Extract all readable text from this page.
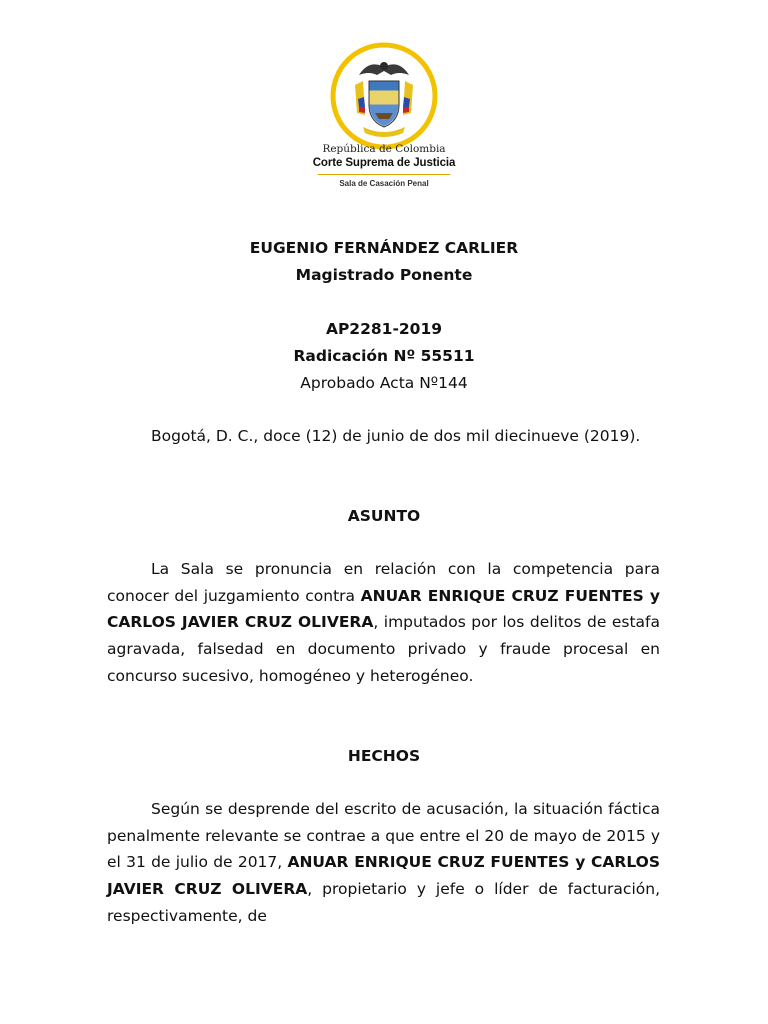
República de Colombia
Corte Suprema de Justicia
Sala de Casación Penal
EUGENIO FERNÁNDEZ CARLIER
Magistrado Ponente
AP2281-2019
Radicación Nº 55511
Aprobado Acta Nº144

Bogotá, D. C., doce (12) de junio de dos mil diecinueve (2019).

ASUNTO

La Sala se pronuncia en relación con la competencia para conocer del juzgamiento contra ANUAR ENRIQUE CRUZ FUENTES y CARLOS JAVIER CRUZ OLIVERA, imputados por los delitos de estafa agravada, falsedad en documento privado y fraude procesal en concurso sucesivo, homogéneo y heterogéneo.

HECHOS

Según se desprende del escrito de acusación, la situación fáctica penalmente relevante se contrae a que entre el 20 de mayo de 2015 y el 31 de julio de 2017, ANUAR ENRIQUE CRUZ FUENTES y CARLOS JAVIER CRUZ OLIVERA, propietario y jefe o líder de facturación, respectivamente, de
